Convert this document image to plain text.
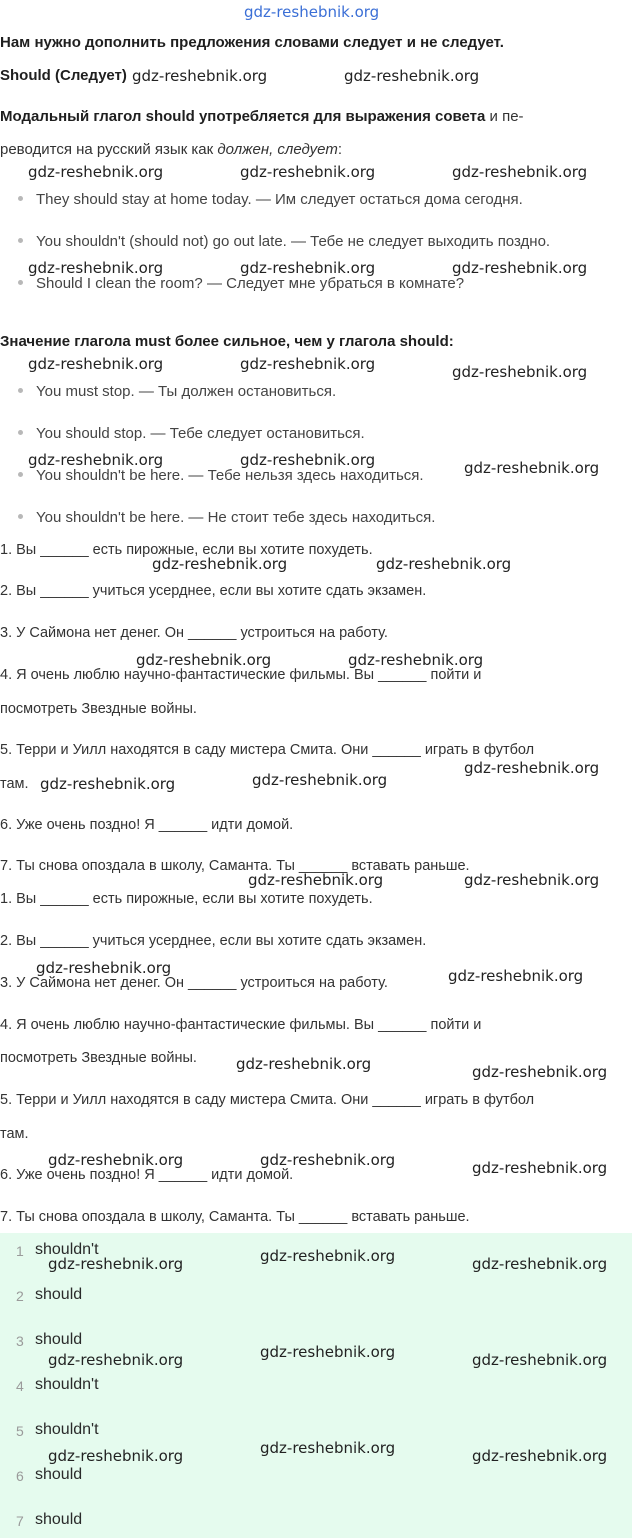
gdz-reshebnik.org
Нам нужно дополнить предложения словами следует и не следует.
Should (Следует) gdz-reshebnik.org	gdz-reshebnik.org
Модальный глагол should употребляется для выражения совета и пе-
реводится на русский язык как должен, следует:
gdz-reshebnik.org	gdz-reshebnik.org	gdz-reshebnik.org
They should stay at home today. — Им следует остаться дома сегодня.
You shouldn't (should not) go out late. — Тебе не следует выходить поздно.
gdz-reshebnik.org	gdz-reshebnik.org	gdz-reshebnik.org
Should I clean the room? — Следует мне убраться в комнате?
Значение глагола must более сильное, чем у глагола should:
gdz-reshebnik.org	gdz-reshebnik.org	gdz-reshebnik.org
You must stop. — Ты должен остановиться.
You should stop. — Тебе следует остановиться.
gdz-reshebnik.org	gdz-reshebnik.org
You shouldn't be here. — Тебе нельзя здесь находиться.	gdz-reshebnik.org
You shouldn't be here. — Не стоит тебе здесь находиться.
1. Вы ______ есть пирожные, если вы хотите похудеть.
gdz-reshebnik.org	gdz-reshebnik.org
2. Вы ______ учиться усерднее, если вы хотите сдать экзамен.
3. У Саймона нет денег. Он ______ устроиться на работу.
gdz-reshebnik.org	gdz-reshebnik.org
4. Я очень люблю научно-фантастические фильмы. Вы ______ пойти и
посмотреть Звездные войны.
5. Терри и Уилл находятся в саду мистера Смита. Они ______ играть в футбол
gdz-reshebnik.org
там. gdz-reshebnik.org	gdz-reshebnik.org
6. Уже очень поздно! Я ______ идти домой.
7. Ты снова опоздала в школу, Саманта. Ты ______ вставать раньше.
gdz-reshebnik.org	gdz-reshebnik.org
1. Вы ______ есть пирожные, если вы хотите похудеть.
2. Вы ______ учиться усерднее, если вы хотите сдать экзамен.
gdz-reshebnik.org	gdz-reshebnik.org
3. У Саймона нет денег. Он ______ устроиться на работу.
4. Я очень люблю научно-фантастические фильмы. Вы ______ пойти и
посмотреть Звездные войны.	gdz-reshebnik.org	gdz-reshebnik.org
5. Терри и Уилл находятся в саду мистера Смита. Они ______ играть в футбол
там.
gdz-reshebnik.org	gdz-reshebnik.org	gdz-reshebnik.org
6. Уже очень поздно! Я ______ идти домой.
7. Ты снова опоздала в школу, Саманта. Ты ______ вставать раньше.
1 shouldn't
gdz-reshebnik.org	gdz-reshebnik.org	gdz-reshebnik.org
2 should
3 should
gdz-reshebnik.org	gdz-reshebnik.org	gdz-reshebnik.org
4 shouldn't
5 shouldn't
gdz-reshebnik.org	gdz-reshebnik.org	gdz-reshebnik.org
6 should
7 should
